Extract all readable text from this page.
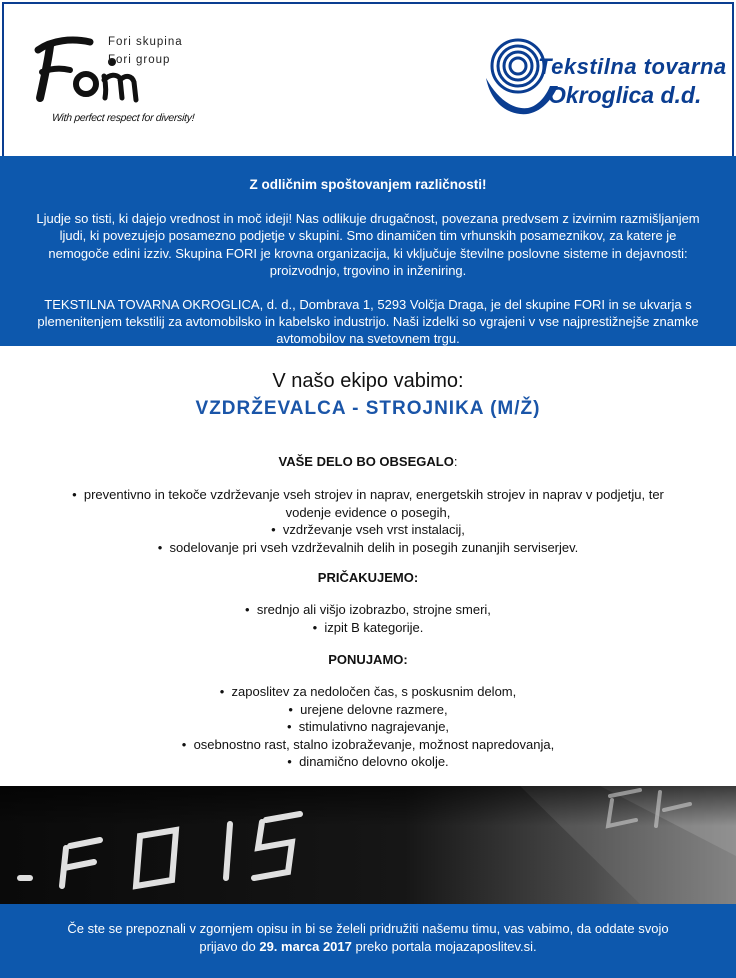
Fori skupina
Fori group
With perfect respect for diversity!
Tekstilna tovarna
Okroglica d.d.
Z odličnim spoštovanjem različnosti!

Ljudje so tisti, ki dajejo vrednost in moč ideji! Nas odlikuje drugačnost, povezana predvsem z izvirnim razmišljanjem ljudi, ki povezujejo posamezno podjetje v skupini. Smo dinamičen tim vrhunskih posameznikov, za katere je nemogoče edini izziv. Skupina FORI je krovna organizacija, ki vključuje številne poslovne sisteme in dejavnosti: proizvodnjo, trgovino in inženiring.

TEKSTILNA TOVARNA OKROGLICA, d. d., Dombrava 1, 5293 Volčja Draga, je del skupine FORI in se ukvarja s plemenitenjem tekstilij za avtomobilsko in kabelsko industrijo. Naši izdelki so vgrajeni v vse najprestižnejše znamke avtomobilov na svetovnem trgu.

V našo ekipo vabimo:
VZDRŽEVALCA - STROJNIKA (M/Ž)
VAŠE DELO BO OBSEGALO:
•  preventivno in tekoče vzdrževanje vseh strojev in naprav, energetskih strojev in naprav v podjetju, ter vodenje evidence o posegih,
•  vzdrževanje vseh vrst instalacij,
•  sodelovanje pri vseh vzdrževalnih delih in posegih zunanjih serviserjev.
PRIČAKUJEMO:
•  srednjo ali višjo izobrazbo, strojne smeri,
•  izpit B kategorije.
PONUJAMO:
•  zaposlitev za nedoločen čas, s poskusnim delom,
•  urejene delovne razmere,
•  stimulativno nagrajevanje,
•  osebnostno rast, stalno izobraževanje, možnost napredovanja,
•  dinamično delovno okolje.
Če ste se prepoznali v zgornjem opisu in bi se želeli pridružiti našemu timu, vas vabimo, da oddate svojo prijavo do 29. marca 2017 preko portala mojazaposlitev.si.
